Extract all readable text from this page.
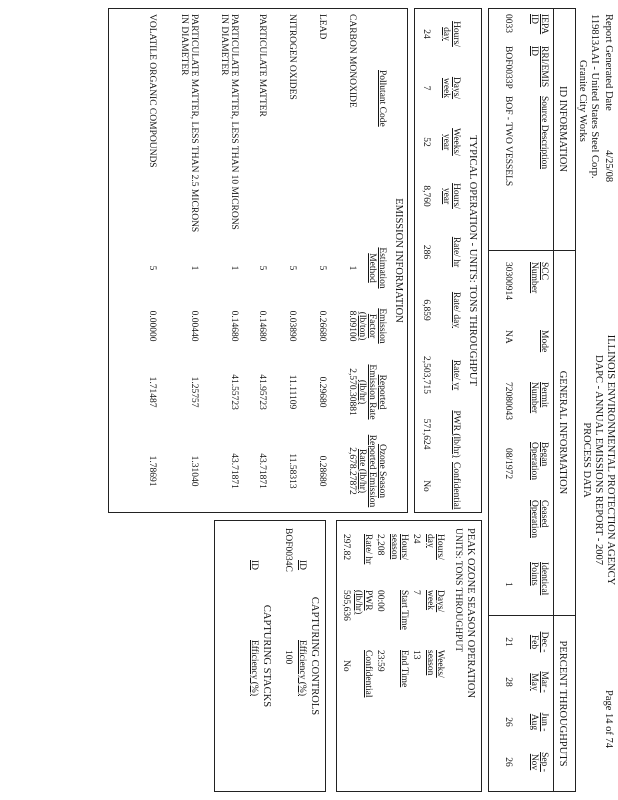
Report Generated Date
4/25/08
ILLINOIS ENVIRONMENTAL PROTECTION AGENCY
DAPC - ANNUAL EMISSIONS REPORT - 2007
PROCESS DATA
Page 14 of 74
119813AAI - United States Steel Corp.
Granite City Works
ID INFORMATION
GENERAL INFORMATION
PERCENT THROUGHPUTS
IEPA ID
RRI/EMIS ID
Source Description
SCC Number
Mode
Permit Number
Began Operation
Ceased Operation
Identical Points
Dec - Feb
Mar - May
Jun - Aug
Sep - Nov
0033
BOF0033P
BOF - TWO VESSELS
30300914
NA
72080043
08/1972
1
21
28
26
26
TYPICAL OPERATION - UNITS: TONS THROUGHPUT
Hours/ day
Days/ week
Weeks/ year
Hours/ year
Rate/ hr
Rate/ day
Rate/ yr
PWR (lb/hr)
Confidential
24
7
52
8,760
286
6,859
2,503,715
571,624
No
EMISSION INFORMATION
Pollutant Code
Estimation Method
Emission Factor (lb/ton)
Reported Emission Rate (lb/hr)
Ozone Season Reported Emission Rate (lb/hr)
CARBON MONOXIDE
1
8.09100
2,570.30881
2,678.27872
LEAD
5
0.26680
0.29680
0.28680
NITROGEN OXIDES
5
0.03890
11.11109
11.58313
PARTICULATE MATTER
5
0.14680
41.95723
43.71871
PARTICULATE MATTER, LESS THAN 10 MICRONS IN DIAMETER
1
0.14680
41.55723
43.71871
PARTICULATE MATTER, LESS THAN 2.5 MICRONS IN DIAMETER
1
0.00440
1.25757
1.31040
VOLATILE ORGANIC COMPOUNDS
5
0.00000
1.71487
1.78691
PEAK OZONE SEASON OPERATION
UNITS: TONS THROUGHPUT
Hours/ day
Days/ week
Weeks/ season
24
7
13
Hours/ season
Start Time
End Time
2,208
00:00
23:59
Rate/ hr
PWR (lb/hr)
Confidential
297.82
595,636
No
CAPTURING CONTROLS
ID
Efficiency (%)
BOF0034C
100
CAPTURING STACKS
ID
Efficiency (%)
